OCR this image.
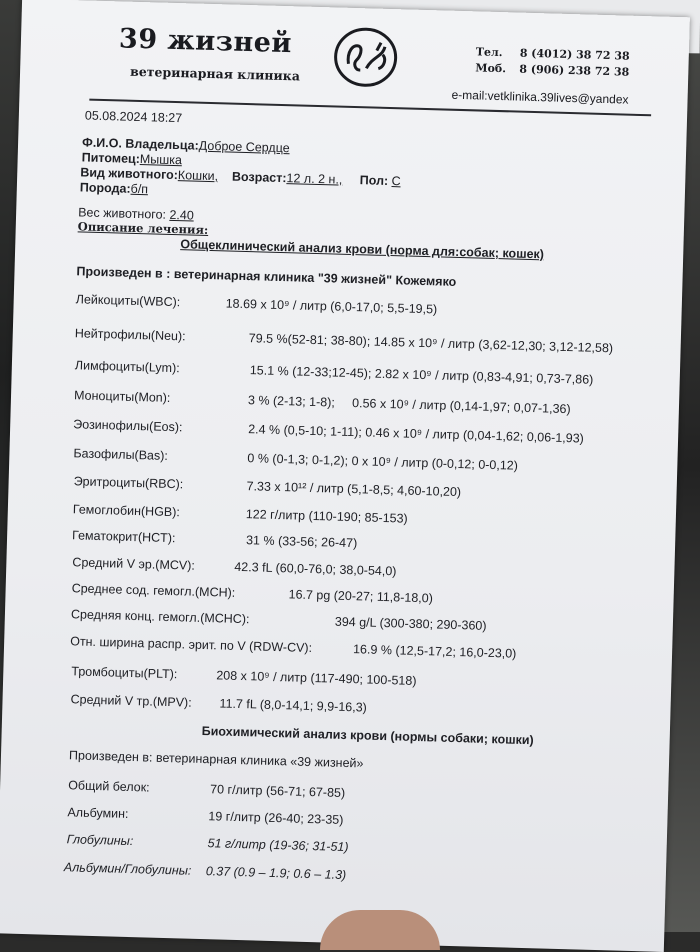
39 жизней
ветеринарная клиника
Тел. 8 (4012) 38 72 38
Моб. 8 (906) 238 72 38
e-mail:vetklinika.39lives@yandex
05.08.2024 18:27
Ф.И.О. Владельца:Доброе Сердце
Питомец:Мышка
Вид животного:Кошки, Возраст:12 л. 2 н., Пол: С
Порода:б/п
Вес животного: 2.40
Описание лечения:
Общеклинический анализ крови (норма для:собак; кошек)
Произведен в : ветеринарная клиника "39 жизней" Кожемяко
Лейкоциты(WBC):	18.69 x 10⁹ / литр (6,0-17,0; 5,5-19,5)
Нейтрофилы(Neu):	79.5 %(52-81; 38-80); 14.85 x 10⁹ / литр (3,62-12,30; 3,12-12,58)
Лимфоциты(Lym):	15.1 % (12-33;12-45); 2.82 x 10⁹ / литр (0,83-4,91; 0,73-7,86)
Моноциты(Mon):	3 % (2-13; 1-8);     0.56 x 10⁹ / литр (0,14-1,97; 0,07-1,36)
Эозинофилы(Eos):	2.4 % (0,5-10; 1-11); 0.46 x 10⁹ / литр (0,04-1,62; 0,06-1,93)
Базофилы(Bas):	0 % (0-1,3; 0-1,2); 0 x 10⁹ / литр (0-0,12; 0-0,12)
Эритроциты(RBC):	7.33 x 10¹² / литр (5,1-8,5; 4,60-10,20)
Гемоглобин(HGB):	122 г/литр (110-190; 85-153)
Гематокрит(HCT):	31 % (33-56; 26-47)
Средний V эр.(MCV):	42.3 fL (60,0-76,0; 38,0-54,0)
Среднее сод. гемогл.(MCH):	16.7 pg (20-27; 11,8-18,0)
Средняя конц. гемогл.(MCHC):	394 g/L (300-380; 290-360)
Отн. ширина распр. эрит. по V (RDW-CV):	16.9 % (12,5-17,2; 16,0-23,0)
Тромбоциты(PLT):	208 x 10⁹ / литр (117-490; 100-518)
Средний V тр.(MPV): 11.7 fL (8,0-14,1; 9,9-16,3)
Биохимический анализ крови (нормы собаки; кошки)
Произведен в: ветеринарная клиника «39 жизней»
Общий белок:	70 г/литр (56-71; 67-85)
Альбумин:	19 г/литр (26-40; 23-35)
Глобулины:	51 г/литр (19-36; 31-51)
Альбумин/Глобулины: 0.37 (0.9 – 1.9; 0.6 – 1.3)
